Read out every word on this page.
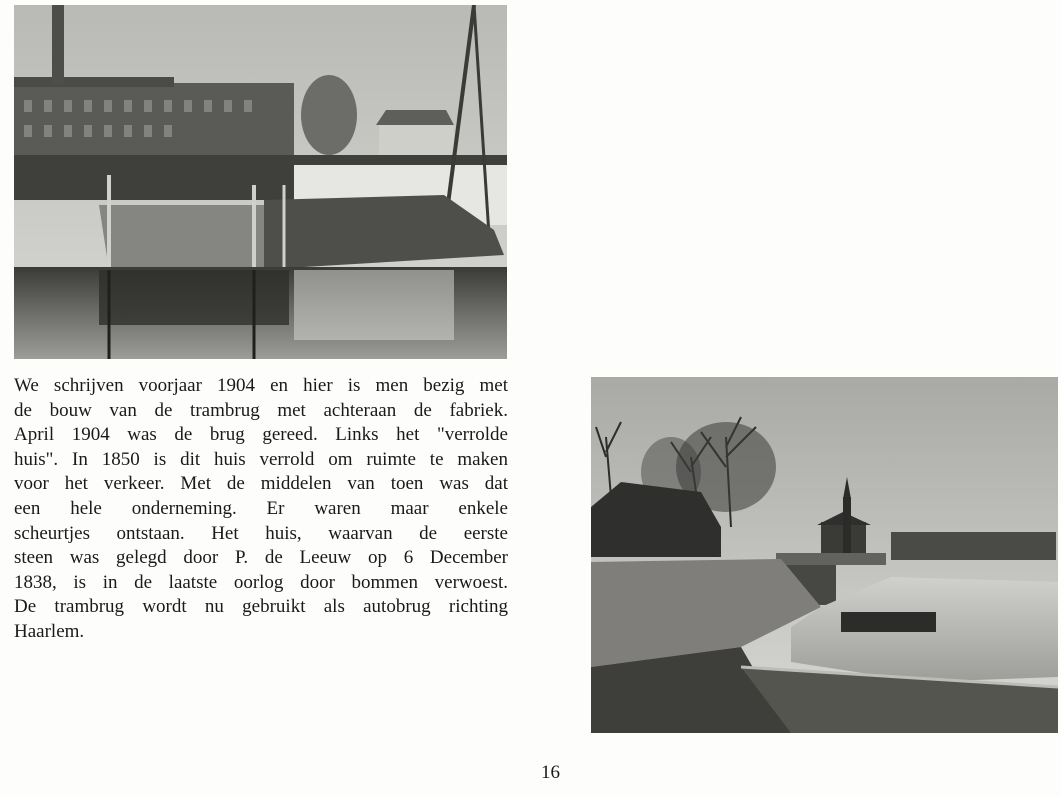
We schrijven voorjaar 1904 en hier is men bezig met
de bouw van de trambrug met achteraan de fabriek.
April 1904 was de brug gereed. Links het "verrolde
huis". In 1850 is dit huis verrold om ruimte te maken
voor het verkeer. Met de middelen van toen was dat
een hele onderneming. Er waren maar enkele
scheurtjes ontstaan. Het huis, waarvan de eerste
steen was gelegd door P. de Leeuw op 6 December
1838, is in de laatste oorlog door bommen verwoest.
De trambrug wordt nu gebruikt als autobrug richting
Haarlem.

16
